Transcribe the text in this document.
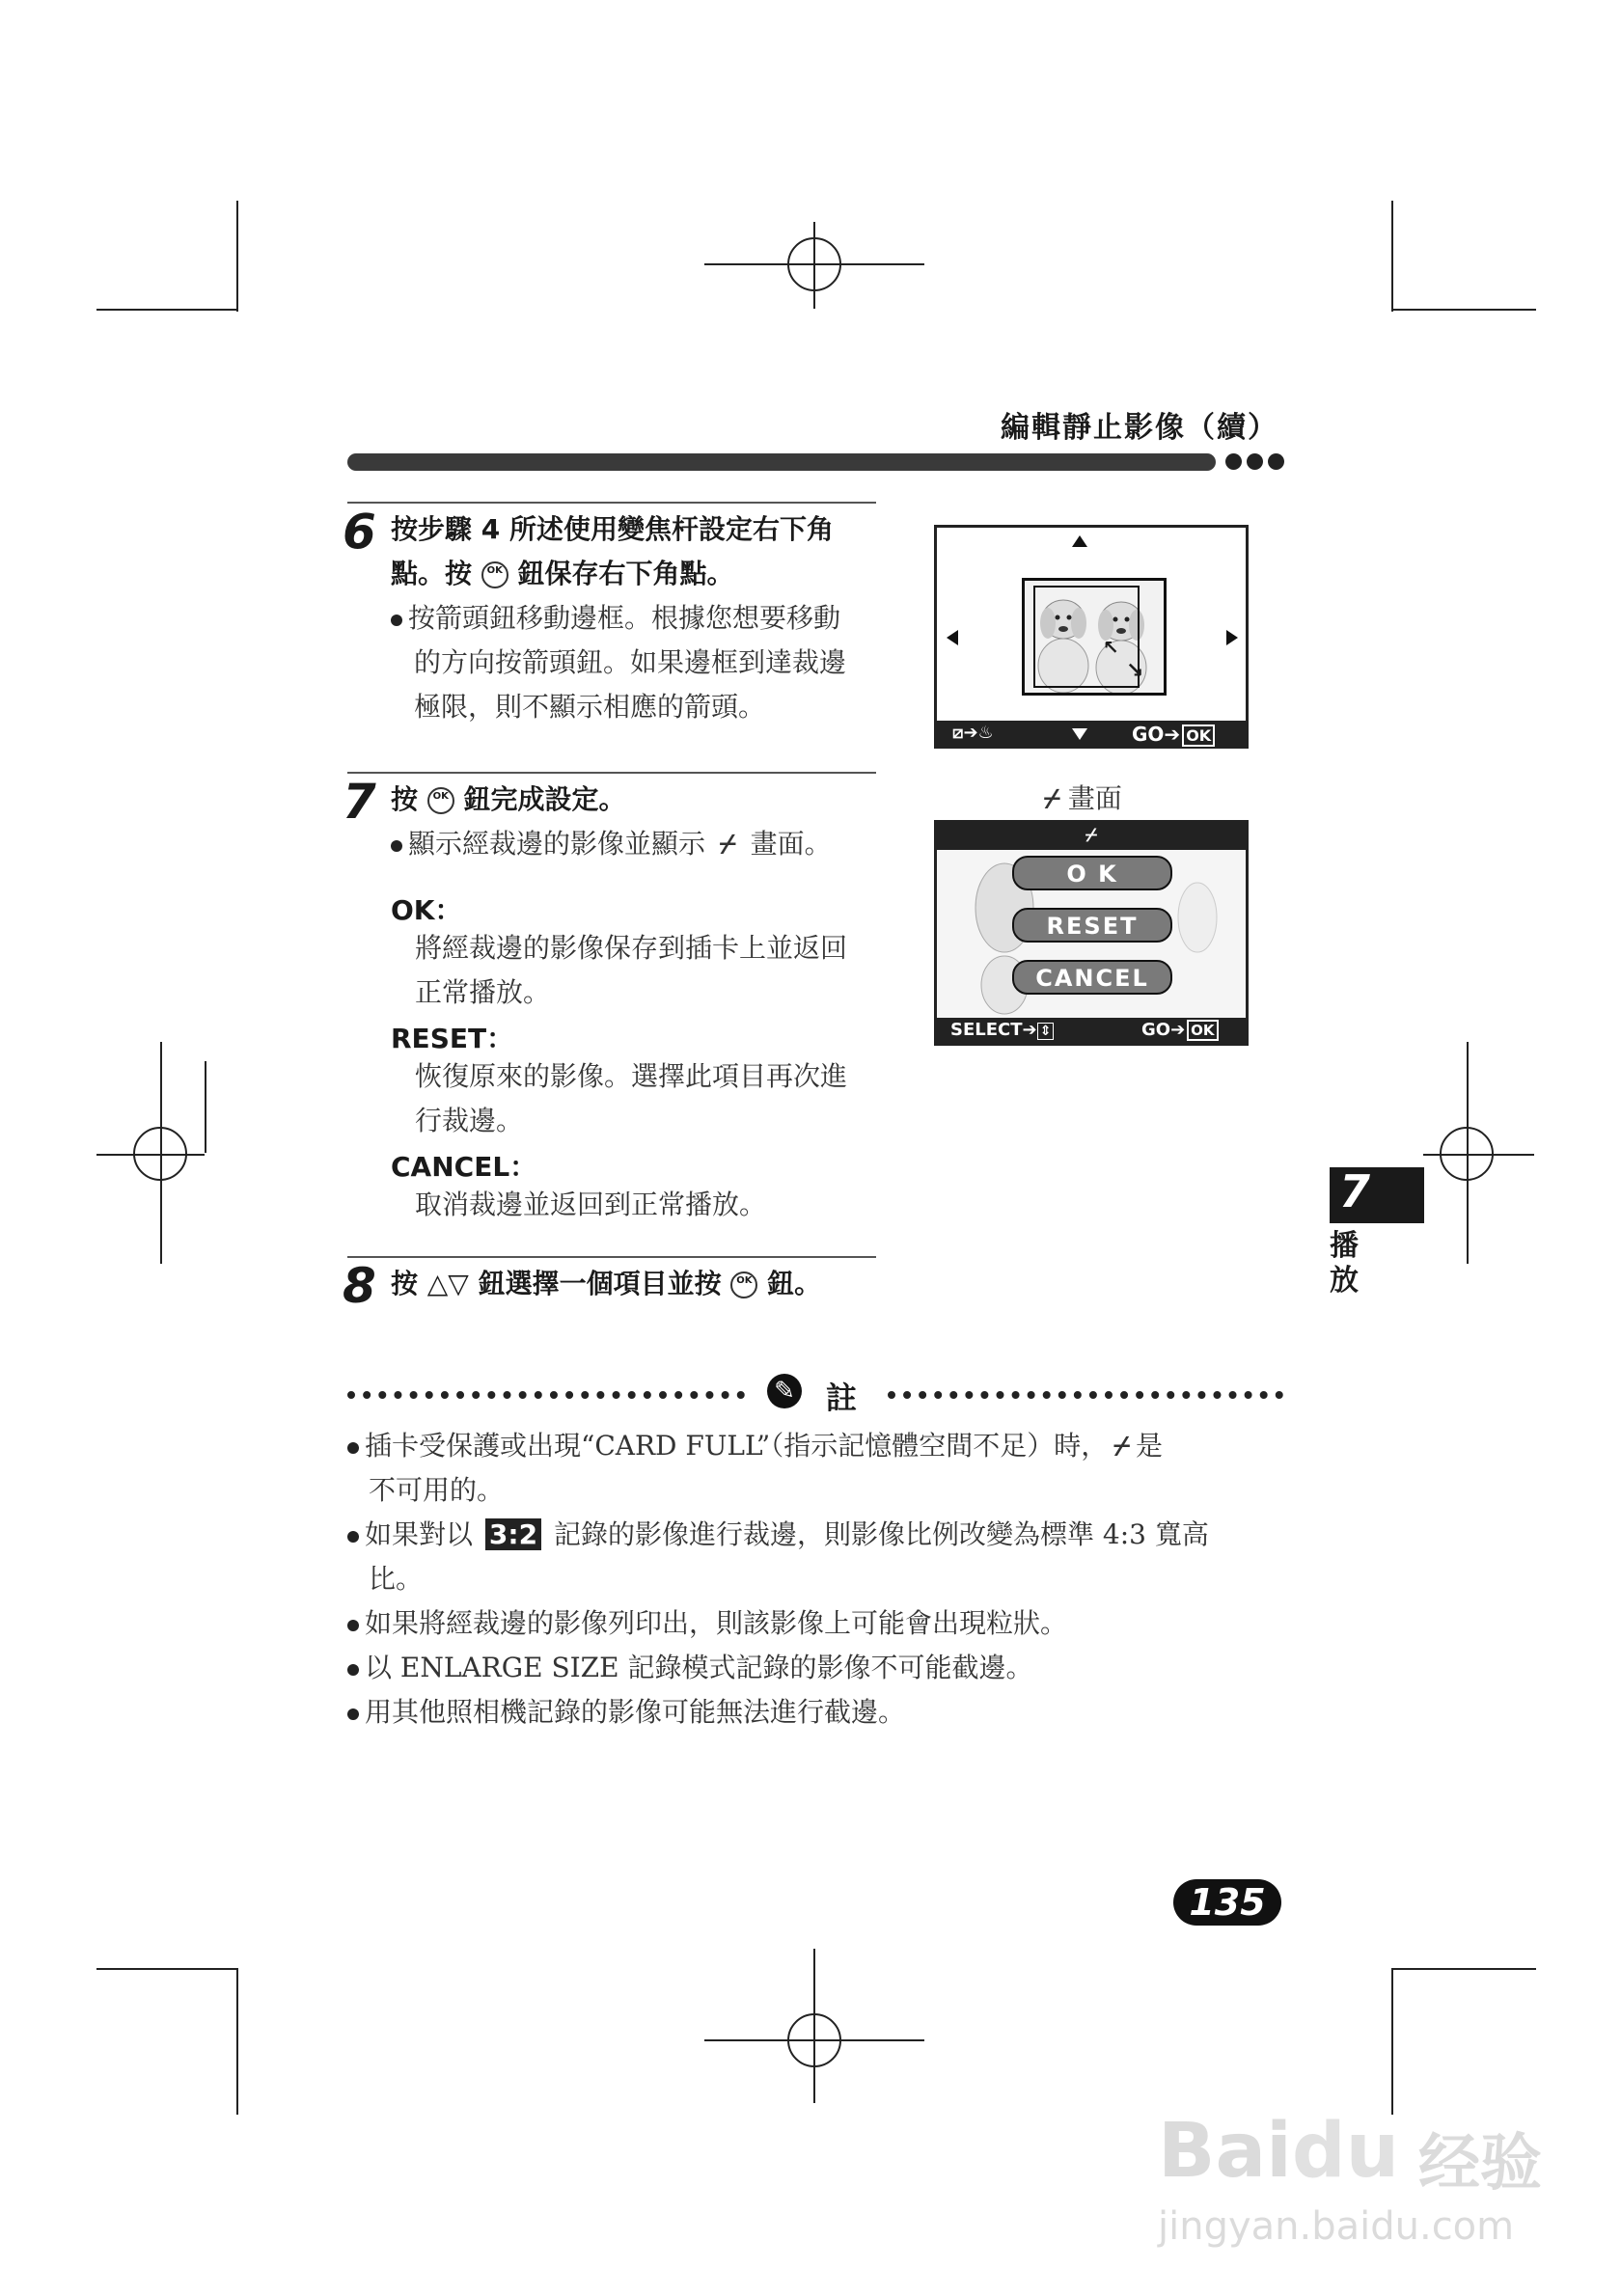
編輯靜止影像（續）
6 按步驟 4 所述使用變焦杆設定右下角
點。按 OK 鈕保存右下角點。
按箭頭鈕移動邊框。根據您想要移動
的方向按箭頭鈕。如果邊框到達裁邊
極限，則不顯示相應的箭頭。
↖
↘
⧄➔♨	GO➔ OK
7 按 OK 鈕完成設定。
顯示經裁邊的影像並顯示 ⌿ 畫面。
OK：
將經裁邊的影像保存到插卡上並返回
正常播放。
RESET：
恢復原來的影像。選擇此項目再次進
行裁邊。
CANCEL：
取消裁邊並返回到正常播放。
⌿ 畫面
⌿
O K
RESET
CANCEL
SELECT➔ ⇕	GO➔ OK
8 按 △▽ 鈕選擇一個項目並按 OK 鈕。
7
播
放
✎ 註
插卡受保護或出現“CARD FULL”（指示記憶體空間不足）時， ⌿ 是
不可用的。
如果對以 3:2 記錄的影像進行裁邊，則影像比例改變為標準 4:3 寬高
比。
如果將經裁邊的影像列印出，則該影像上可能會出現粒狀。
以 ENLARGE SIZE 記錄模式記錄的影像不可能截邊。
用其他照相機記錄的影像可能無法進行截邊。
135
Baidu 经验
jingyan.baidu.com
